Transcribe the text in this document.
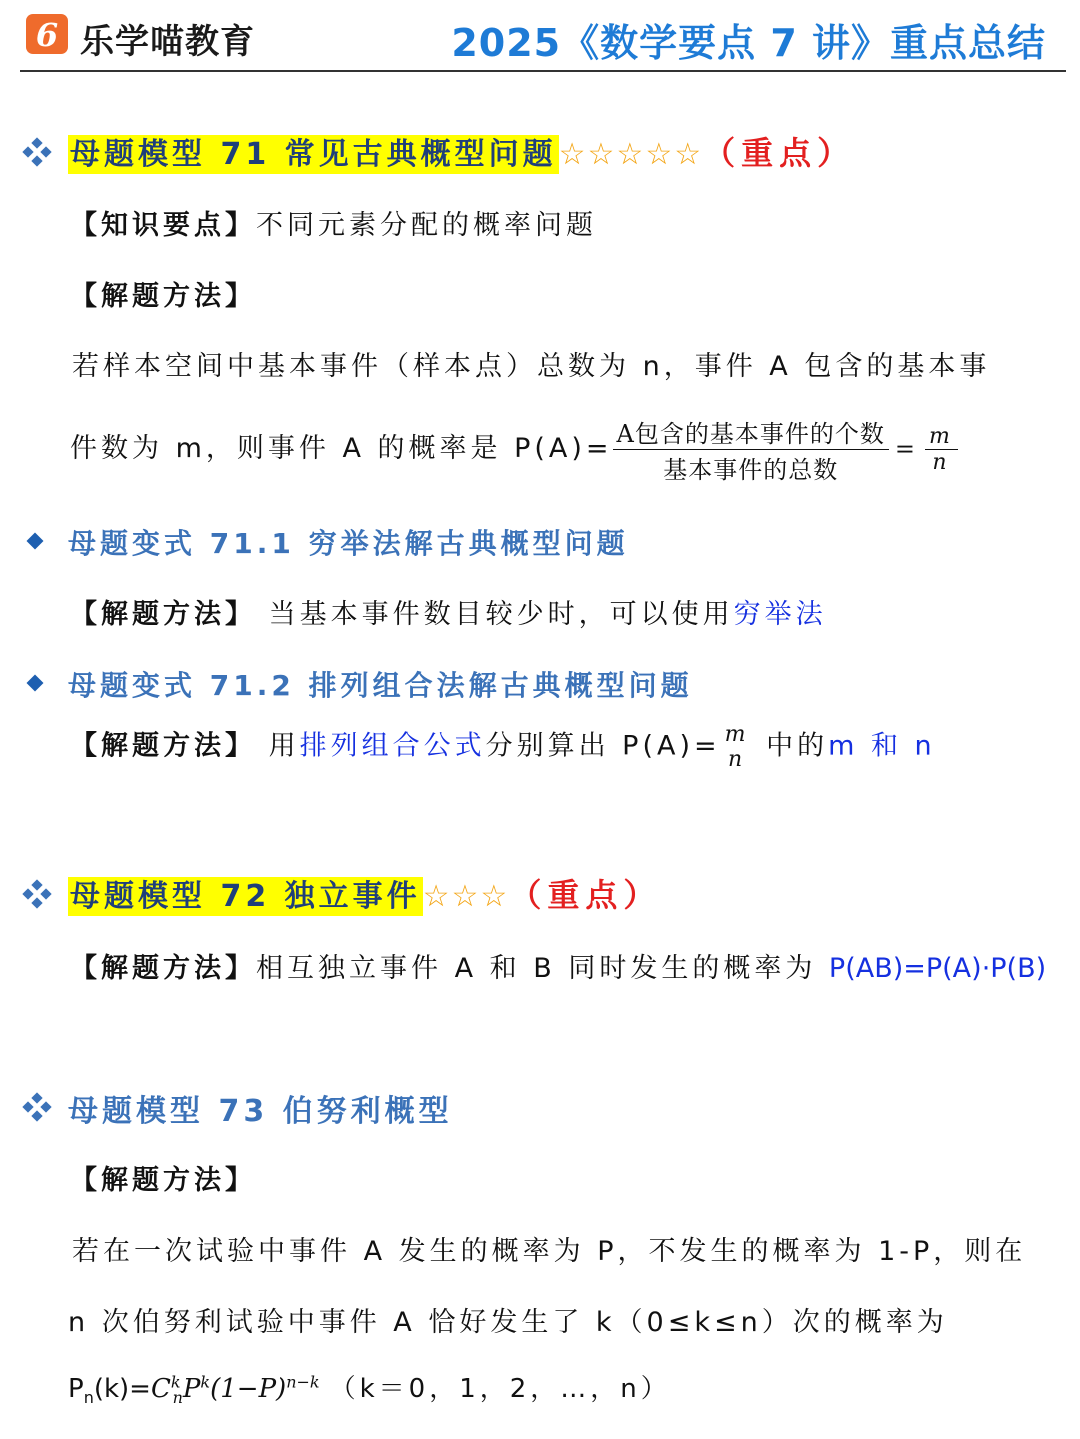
6 乐学喵教育	2025《数学要点 7 讲》重点总结
母题模型 71 常见古典概型问题☆☆☆☆☆（重点）
【知识要点】不同元素分配的概率问题
【解题方法】
若样本空间中基本事件（样本点）总数为 n，事件 A 包含的基本事
件数为 m，则事件 A 的概率是 $P(A)= \frac{\text{A包含的基本事件的个数}}{\text{基本事件的总数}} = \frac{m}{n}$
母题变式 71.1 穷举法解古典概型问题
【解题方法】 当基本事件数目较少时，可以使用穷举法
母题变式 71.2 排列组合法解古典概型问题
【解题方法】 用排列组合公式分别算出 P(A)= m
n 中的m 和 n
母题模型 72 独立事件☆☆☆（重点）
【解题方法】相互独立事件 A 和 B 同时发生的概率为 P(AB)=P(A)·P(B)
母题模型 73 伯努利概型
【解题方法】
若在一次试验中事件 A 发生的概率为 P，不发生的概率为 1-P，则在
n 次伯努利试验中事件 A 恰好发生了 k（0≤k≤n）次的概率为
$P_n(k)=C^k_nP^k(1-P)^{n-k}$ （k＝0，1，2，…，n）
